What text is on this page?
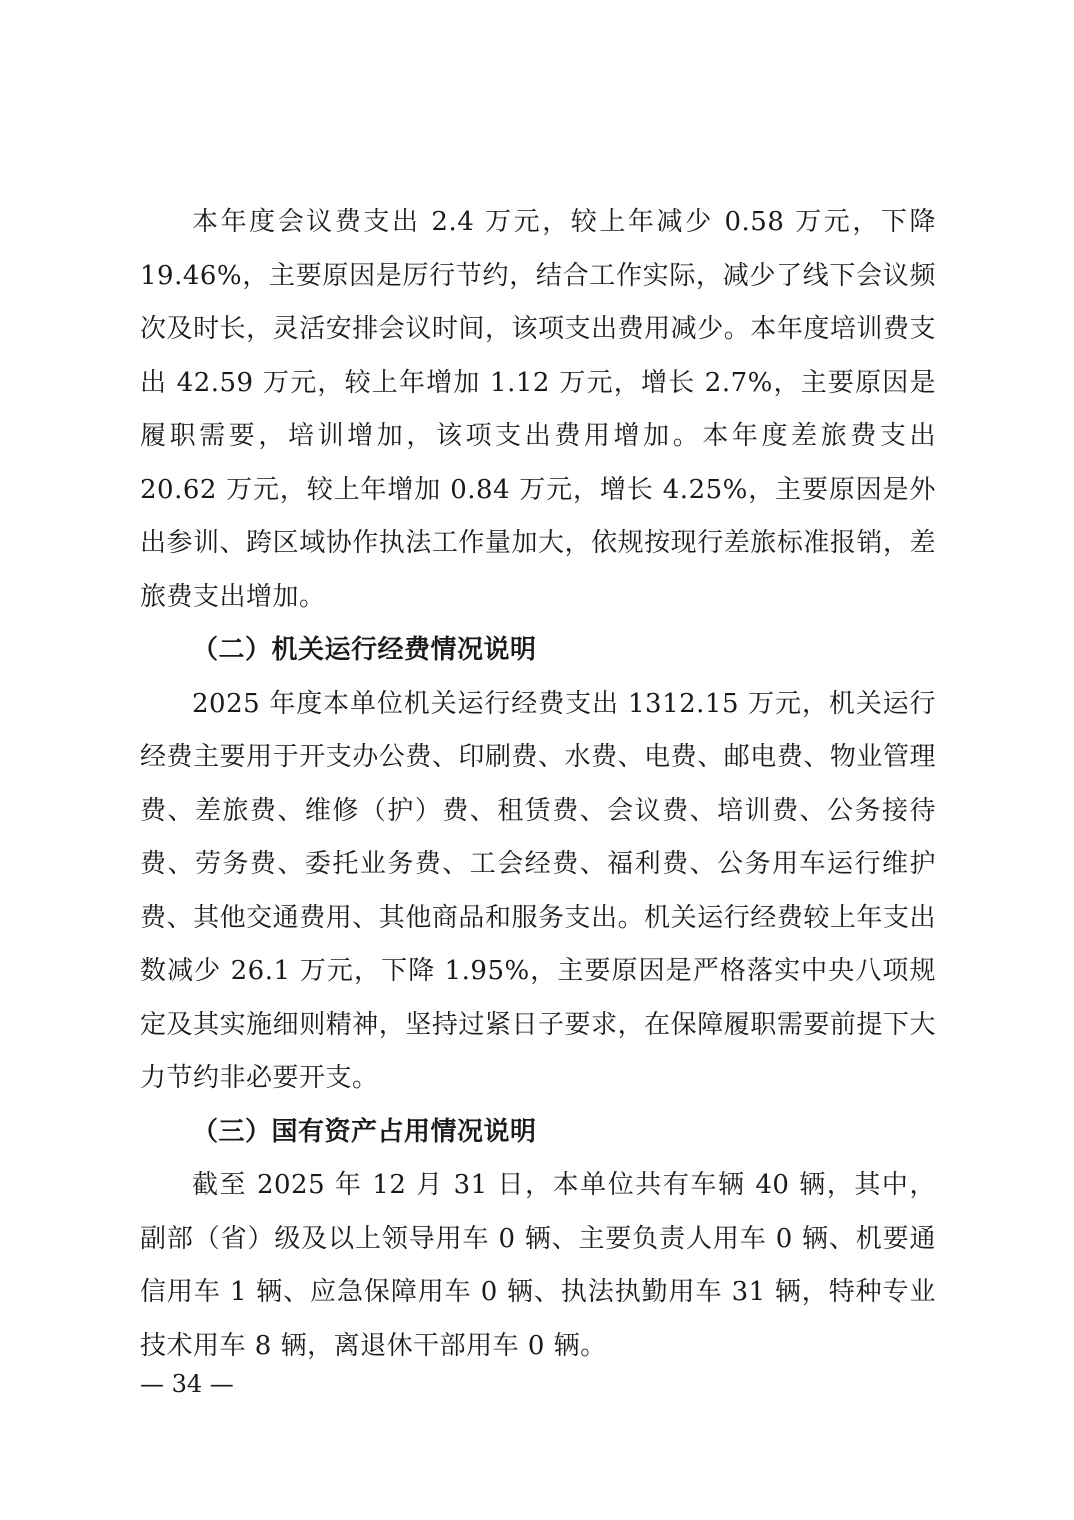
本年度会议费支出 2.4 万元，较上年减少 0.58 万元，下降 19.46%，主要原因是厉行节约，结合工作实际，减少了线下会议频次及时长，灵活安排会议时间，该项支出费用减少。本年度培训费支出 42.59 万元，较上年增加 1.12 万元，增长 2.7%，主要原因是履职需要，培训增加，该项支出费用增加。本年度差旅费支出 20.62 万元，较上年增加 0.84 万元，增长 4.25%，主要原因是外出参训、跨区域协作执法工作量加大，依规按现行差旅标准报销，差旅费支出增加。

（二）机关运行经费情况说明

2025 年度本单位机关运行经费支出 1312.15 万元，机关运行经费主要用于开支办公费、印刷费、水费、电费、邮电费、物业管理费、差旅费、维修（护）费、租赁费、会议费、培训费、公务接待费、劳务费、委托业务费、工会经费、福利费、公务用车运行维护费、其他交通费用、其他商品和服务支出。机关运行经费较上年支出数减少 26.1 万元，下降 1.95%，主要原因是严格落实中央八项规定及其实施细则精神，坚持过紧日子要求，在保障履职需要前提下大力节约非必要开支。

（三）国有资产占用情况说明

截至 2025 年 12 月 31 日，本单位共有车辆 40 辆，其中，副部（省）级及以上领导用车 0 辆、主要负责人用车 0 辆、机要通信用车 1 辆、应急保障用车 0 辆、执法执勤用车 31 辆，特种专业技术用车 8 辆，离退休干部用车 0 辆。

— 34 —
